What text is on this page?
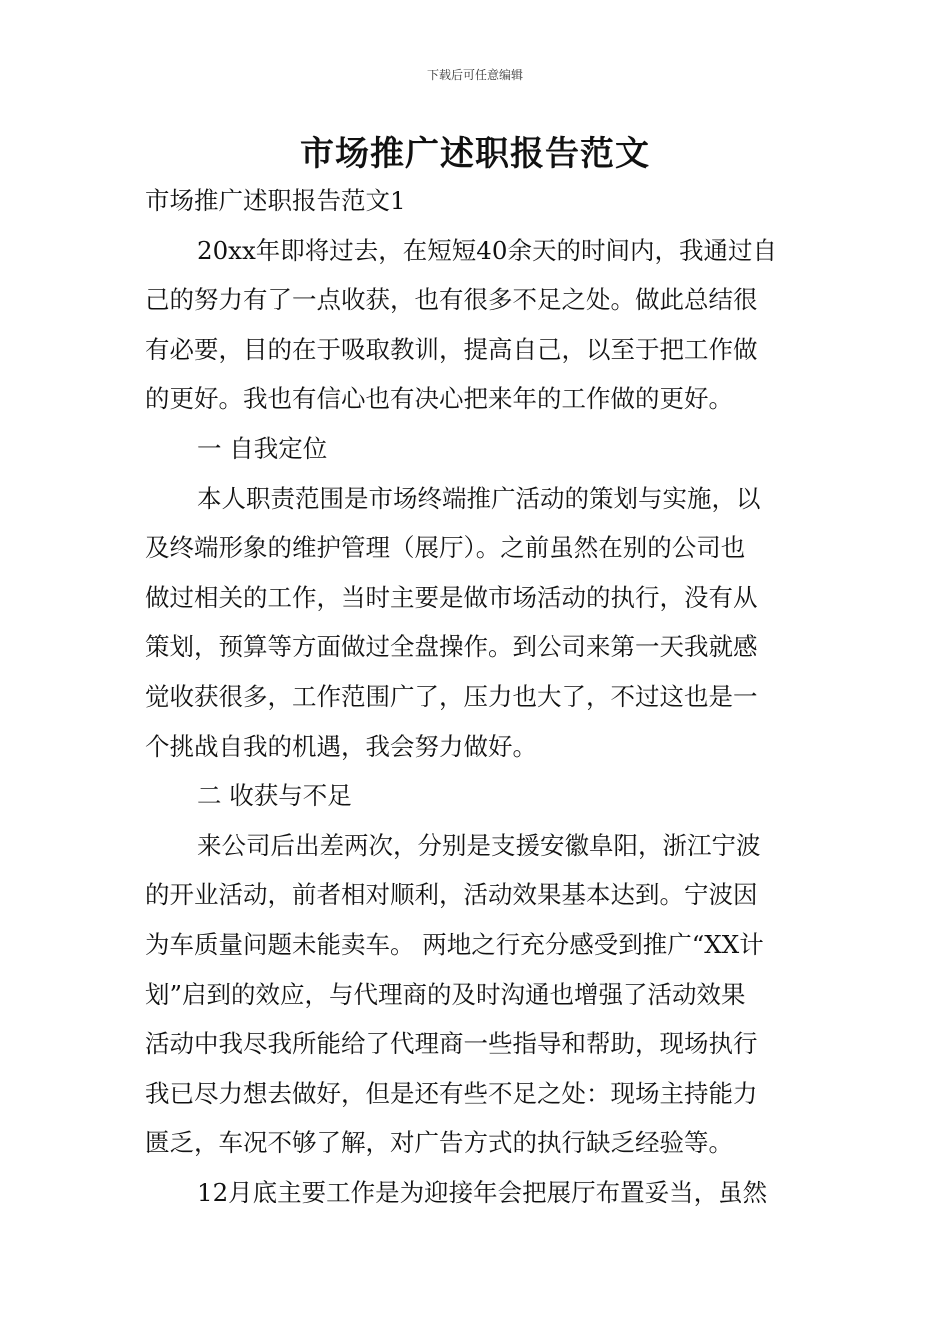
下载后可任意编辑
市场推广述职报告范文
市场推广述职报告范文1
20xx年即将过去，在短短40余天的时间内，我通过自
己的努力有了一点收获，也有很多不足之处。做此总结很
有必要，目的在于吸取教训，提高自己，以至于把工作做
的更好。我也有信心也有决心把来年的工作做的更好。
一 自我定位
本人职责范围是市场终端推广活动的策划与实施，以
及终端形象的维护管理（展厅）。之前虽然在别的公司也
做过相关的工作，当时主要是做市场活动的执行，没有从
策划，预算等方面做过全盘操作。到公司来第一天我就感
觉收获很多，工作范围广了，压力也大了，不过这也是一
个挑战自我的机遇，我会努力做好。
二 收获与不足
来公司后出差两次，分别是支援安徽阜阳，浙江宁波
的开业活动，前者相对顺利，活动效果基本达到。宁波因
为车质量问题未能卖车。 两地之行充分感受到推广“XX计
划”启到的效应，与代理商的及时沟通也增强了活动效果
活动中我尽我所能给了代理商一些指导和帮助，现场执行
我已尽力想去做好，但是还有些不足之处：现场主持能力
匮乏，车况不够了解，对广告方式的执行缺乏经验等。
12月底主要工作是为迎接年会把展厅布置妥当，虽然
